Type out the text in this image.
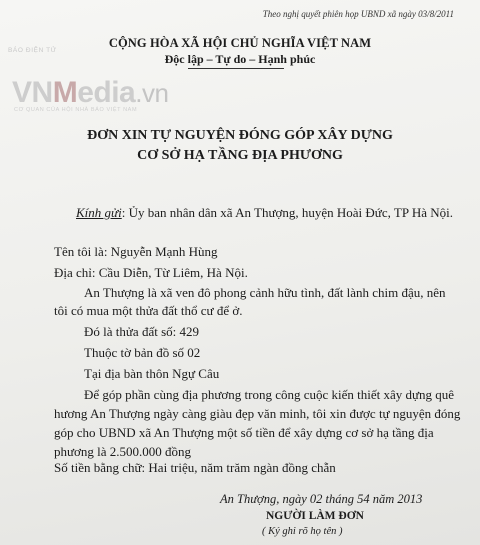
Theo nghị quyết phiên họp UBND xã ngày 03/8/2011
BÁO ĐIỆN TỬ
VNMedia.vn
CƠ QUAN CỦA HỘI NHÀ BÁO VIỆT NAM
CỘNG HÒA XÃ HỘI CHỦ NGHĨA VIỆT NAM
Độc lập – Tự do – Hạnh phúc
ĐƠN XIN TỰ NGUYỆN ĐÓNG GÓP XÂY DỰNG
CƠ SỞ HẠ TẦNG ĐỊA PHƯƠNG
Kính gửi: Ủy ban nhân dân xã An Thượng, huyện Hoài Đức, TP Hà Nội.
Tên tôi là: Nguyễn Mạnh Hùng
Địa chỉ: Cầu Diễn, Từ Liêm, Hà Nội.
An Thượng là xã ven đô phong cảnh hữu tình, đất lành chim đậu, nên
tôi có mua một thửa đất thổ cư để ở.
Đó là thửa đất số: 429
Thuộc tờ bản đồ số 02
Tại địa bàn thôn Ngự Câu
Để góp phần cùng địa phương trong công cuộc kiến thiết xây dựng quê
hương An Thượng ngày càng giàu đẹp văn minh, tôi xin được tự nguyện đóng
góp cho UBND xã An Thượng một số tiền để xây dựng cơ sở hạ tầng địa
phương là 2.500.000 đồng
Số tiền bằng chữ: Hai triệu, năm trăm ngàn đồng chẵn
An Thượng, ngày 02 tháng 54 năm 2013
NGƯỜI LÀM ĐƠN
( Ký ghi rõ họ tên )
